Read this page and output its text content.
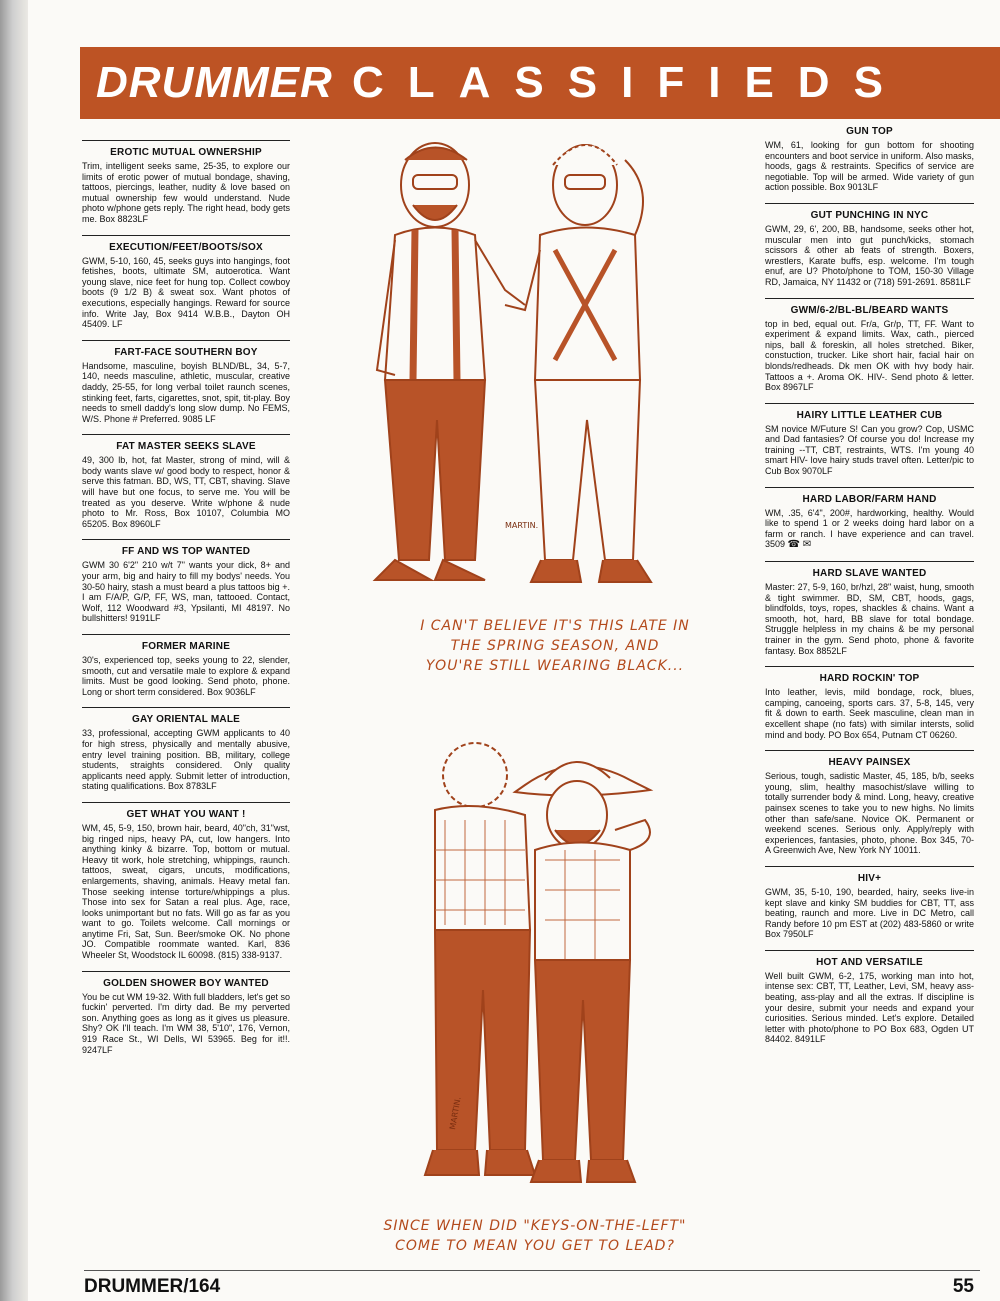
DRUMMER CLASSIFIEDS
EROTIC MUTUAL OWNERSHIP
Trim, intelligent seeks same, 25-35, to explore our limits of erotic power of mutual bondage, shaving, tattoos, piercings, leather, nudity & love based on mutual ownership few would understand. Nude photo w/phone gets reply. The right head, body gets me. Box 8823LF
EXECUTION/FEET/BOOTS/SOX
GWM, 5-10, 160, 45, seeks guys into hangings, foot fetishes, boots, ultimate SM, autoerotica. Want young slave, nice feet for hung top. Collect cowboy boots (9 1/2 B) & sweat sox. Want photos of executions, especially hangings. Reward for source info. Write Jay, Box 9414 W.B.B., Dayton OH 45409. LF
FART-FACE SOUTHERN BOY
Handsome, masculine, boyish BLND/BL, 34, 5-7, 140, needs masculine, athletic, muscular, creative daddy, 25-55, for long verbal toilet raunch scenes, stinking feet, farts, cigarettes, snot, spit, tit-play. Boy needs to smell daddy's long slow dump. No FEMS, W/S. Phone # Preferred. 9085 LF
FAT MASTER SEEKS SLAVE
49, 300 lb, hot, fat Master, strong of mind, will & body wants slave w/ good body to respect, honor & serve this fatman. BD, WS, TT, CBT, shaving. Slave will have but one focus, to serve me. You will be treated as you deserve. Write w/phone & nude photo to Mr. Ross, Box 10107, Columbia MO 65205. Box 8960LF
FF AND WS TOP WANTED
GWM 30 6'2" 210 w/t 7" wants your dick, 8+ and your arm, big and hairy to fill my bodys' needs. You 30-50 hairy, stash a must beard a plus tattoos big +. I am F/A/P, G/P, FF, WS, man, tattooed. Contact, Wolf, 112 Woodward #3, Ypsilanti, MI 48197. No bullshitters! 9191LF
FORMER MARINE
30's, experienced top, seeks young to 22, slender, smooth, cut and versatile male to explore & expand limits. Must be good looking. Send photo, phone. Long or short term considered. Box 9036LF
GAY ORIENTAL MALE
33, professional, accepting GWM applicants to 40 for high stress, physically and mentally abusive, entry level training position. BB, military, college students, straights considered. Only quality applicants need apply. Submit letter of introduction, stating qualifications. Box 8783LF
GET WHAT YOU WANT !
WM, 45, 5-9, 150, brown hair, beard, 40"ch, 31"wst, big ringed nips, heavy PA, cut, low hangers. Into anything kinky & bizarre. Top, bottom or mutual. Heavy tit work, hole stretching, whippings, raunch. tattoos, sweat, cigars, uncuts, modifications, enlargements, shaving, animals. Heavy metal fan. Those seeking intense torture/whippings a plus. Those into sex for Satan a real plus. Age, race, looks unimportant but no fats. Will go as far as you want to go. Toilets welcome. Call mornings or anytime Fri, Sat, Sun. Beer/smoke OK. No phone JO. Compatible roommate wanted. Karl, 836 Wheeler St, Woodstock IL 60098. (815) 338-9137.
GOLDEN SHOWER BOY WANTED
You be cut WM 19-32. With full bladders, let's get so fuckin' perverted. I'm dirty dad. Be my perverted son. Anything goes as long as it gives us pleasure. Shy? OK I'll teach. I'm WM 38, 5'10", 176, Vernon, 919 Race St., WI Dells, WI 53965. Beg for it!!. 9247LF
GUN TOP
WM, 61, looking for gun bottom for shooting encounters and boot service in uniform. Also masks, hoods, gags & restraints. Specifics of service are negotiable. Top will be armed. Wide variety of gun action possible. Box 9013LF
GUT PUNCHING IN NYC
GWM, 29, 6', 200, BB, handsome, seeks other hot, muscular men into gut punch/kicks, stomach scissors & other ab feats of strength. Boxers, wrestlers, Karate buffs, esp. welcome. I'm tough enuf, are U? Photo/phone to TOM, 150-30 Village RD, Jamaica, NY 11432 or (718) 591-2691. 8581LF
GWM/6-2/BL-BL/BEARD WANTS
top in bed, equal out. Fr/a, Gr/p, TT, FF. Want to experiment & expand limits. Wax, cath., pierced nips, ball & foreskin, all holes stretched. Biker, constuction, trucker. Like short hair, facial hair on blonds/redheads. Dk men OK with hvy body hair. Tattoos a +. Aroma OK. HIV-. Send photo & letter. Box 8967LF
HAIRY LITTLE LEATHER CUB
SM novice M/Future S! Can you grow? Cop, USMC and Dad fantasies? Of course you do! Increase my training --TT, CBT, restraints, WTS. I'm young 40 smart HIV- love hairy studs travel often. Letter/pic to Cub Box 9070LF
HARD LABOR/FARM HAND
WM, .35, 6'4", 200#, hardworking, healthy. Would like to spend 1 or 2 weeks doing hard labor on a farm or ranch. I have experience and can travel. 3509 ☎ ✉
HARD SLAVE WANTED
Master: 27, 5-9, 160, br/hzl, 28" waist, hung, smooth & tight swimmer. BD, SM, CBT, hoods, gags, blindfolds, toys, ropes, shackles & chains. Want a smooth, hot, hard, BB slave for total bondage. Struggle helpless in my chains & be my personal trainer in the gym. Send photo, phone & favorite fantasy. Box 8852LF
HARD ROCKIN' TOP
Into leather, levis, mild bondage, rock, blues, camping, canoeing, sports cars. 37, 5-8, 145, very fit & down to earth. Seek masculine, clean man in excellent shape (no fats) with similar intersts, solid mind and body. PO Box 654, Putnam CT 06260.
HEAVY PAINSEX
Serious, tough, sadistic Master, 45, 185, b/b, seeks young, slim, healthy masochist/slave willing to totally surrender body & mind. Long, heavy, creative painsex scenes to take you to new highs. No limits other than safe/sane. Novice OK. Permanent or weekend scenes. Serious only. Apply/reply with experiences, fantasies, photo, phone. Box 345, 70-A Greenwich Ave, New York NY 10011.
HIV+
GWM, 35, 5-10, 190, bearded, hairy, seeks live-in kept slave and kinky SM buddies for CBT, TT, ass beating, raunch and more. Live in DC Metro, call Randy before 10 pm EST at (202) 483-5860 or write Box 7950LF
HOT AND VERSATILE
Well built GWM, 6-2, 175, working man into hot, intense sex: CBT, TT, Leather, Levi, SM, heavy ass-beating, ass-play and all the extras. If discipline is your desire, submit your needs and expand your curiosities. Serious minded. Let's explore. Detailed letter with photo/phone to PO Box 683, Ogden UT 84402. 8491LF
MARTIN.
I CAN'T BELIEVE IT'S THIS LATE IN THE SPRING SEASON, AND YOU'RE STILL WEARING BLACK...
MARTIN.
SINCE WHEN DID "KEYS-ON-THE-LEFT" COME TO MEAN YOU GET TO LEAD?
DRUMMER/164	55
